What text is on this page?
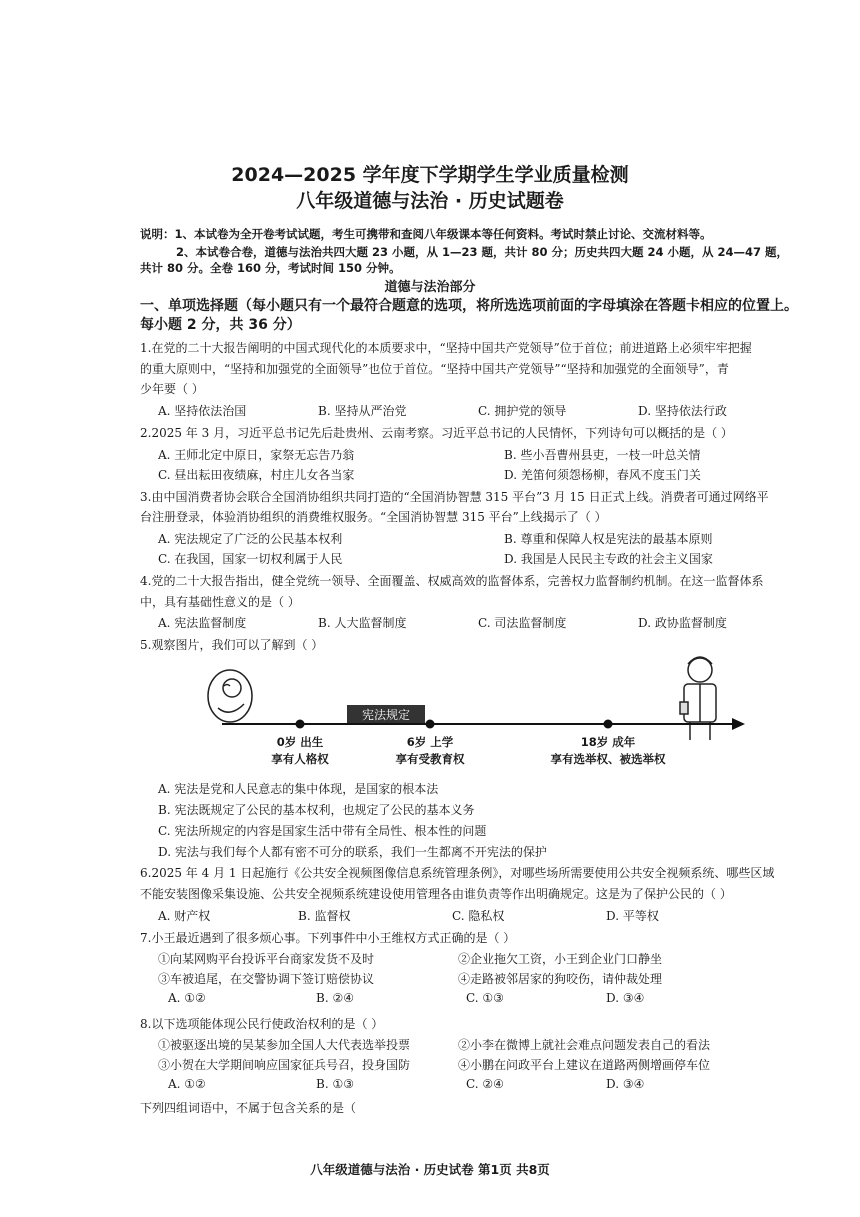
2024—2025 学年度下学期学生学业质量检测
八年级道德与法治 · 历史试题卷
说明：1、本试卷为全开卷考试试题，考生可携带和查阅八年级课本等任何资料。考试时禁止讨论、交流材料等。
2、本试卷合卷，道德与法治共四大题 23 小题，从 1—23 题，共计 80 分；历史共四大题 24 小题，从 24—47 题，
共计 80 分。全卷 160 分，考试时间 150 分钟。
道德与法治部分
一、单项选择题（每小题只有一个最符合题意的选项，将所选选项前面的字母填涂在答题卡相应的位置上。
每小题 2 分，共 36 分）
1.在党的二十大报告阐明的中国式现代化的本质要求中，“坚持中国共产党领导”位于首位；前进道路上必须牢牢把握
的重大原则中，“坚持和加强党的全面领导”也位于首位。“坚持中国共产党领导”“坚持和加强党的全面领导”，青
少年要（ ）
A. 坚持依法治国	B. 坚持从严治党	C. 拥护党的领导	D. 坚持依法行政
2.2025 年 3 月，习近平总书记先后赴贵州、云南考察。习近平总书记的人民情怀，下列诗句可以概括的是（ ）
A. 王师北定中原日，家祭无忘告乃翁	B. 些小吾曹州县吏，一枝一叶总关情
C. 昼出耘田夜绩麻，村庄儿女各当家	D. 羌笛何须怨杨柳，春风不度玉门关
3.由中国消费者协会联合全国消协组织共同打造的“全国消协智慧 315 平台”3 月 15 日正式上线。消费者可通过网络平
台注册登录，体验消协组织的消费维权服务。“全国消协智慧 315 平台”上线揭示了（ ）
A. 宪法规定了广泛的公民基本权利	B. 尊重和保障人权是宪法的最基本原则
C. 在我国，国家一切权利属于人民	D. 我国是人民民主专政的社会主义国家
4.党的二十大报告指出，健全党统一领导、全面覆盖、权威高效的监督体系，完善权力监督制约机制。在这一监督体系
中，具有基础性意义的是（ ）
A. 宪法监督制度	B. 人大监督制度	C. 司法监督制度	D. 政协监督制度
5.观察图片，我们可以了解到（ ）
宪法规定
0岁 出生
享有人格权
6岁 上学
享有受教育权
18岁 成年
享有选举权、被选举权
A. 宪法是党和人民意志的集中体现，是国家的根本法
B. 宪法既规定了公民的基本权利，也规定了公民的基本义务
C. 宪法所规定的内容是国家生活中带有全局性、根本性的问题
D. 宪法与我们每个人都有密不可分的联系，我们一生都离不开宪法的保护
6.2025 年 4 月 1 日起施行《公共安全视频图像信息系统管理条例》，对哪些场所需要使用公共安全视频系统、哪些区域
不能安装图像采集设施、公共安全视频系统建设使用管理各由谁负责等作出明确规定。这是为了保护公民的（ ）
A. 财产权	B. 监督权	C. 隐私权	D. 平等权
7.小王最近遇到了很多烦心事。下列事件中小王维权方式正确的是（ ）
①向某网购平台投诉平台商家发货不及时	②企业拖欠工资，小王到企业门口静坐
③车被追尾，在交警协调下签订赔偿协议	④走路被邻居家的狗咬伤，请仲裁处理
A. ①②	B. ②④	C. ①③	D. ③④
8.以下选项能体现公民行使政治权利的是（ ）
①被驱逐出境的吴某参加全国人大代表选举投票	②小李在微博上就社会难点问题发表自己的看法
③小贺在大学期间响应国家征兵号召，投身国防	④小鹏在问政平台上建议在道路两侧增画停车位
A. ①②	B. ①③	C. ②④	D. ③④
下列四组词语中，不属于包含关系的是（
八年级道德与法治 · 历史试卷 第1页 共8页
